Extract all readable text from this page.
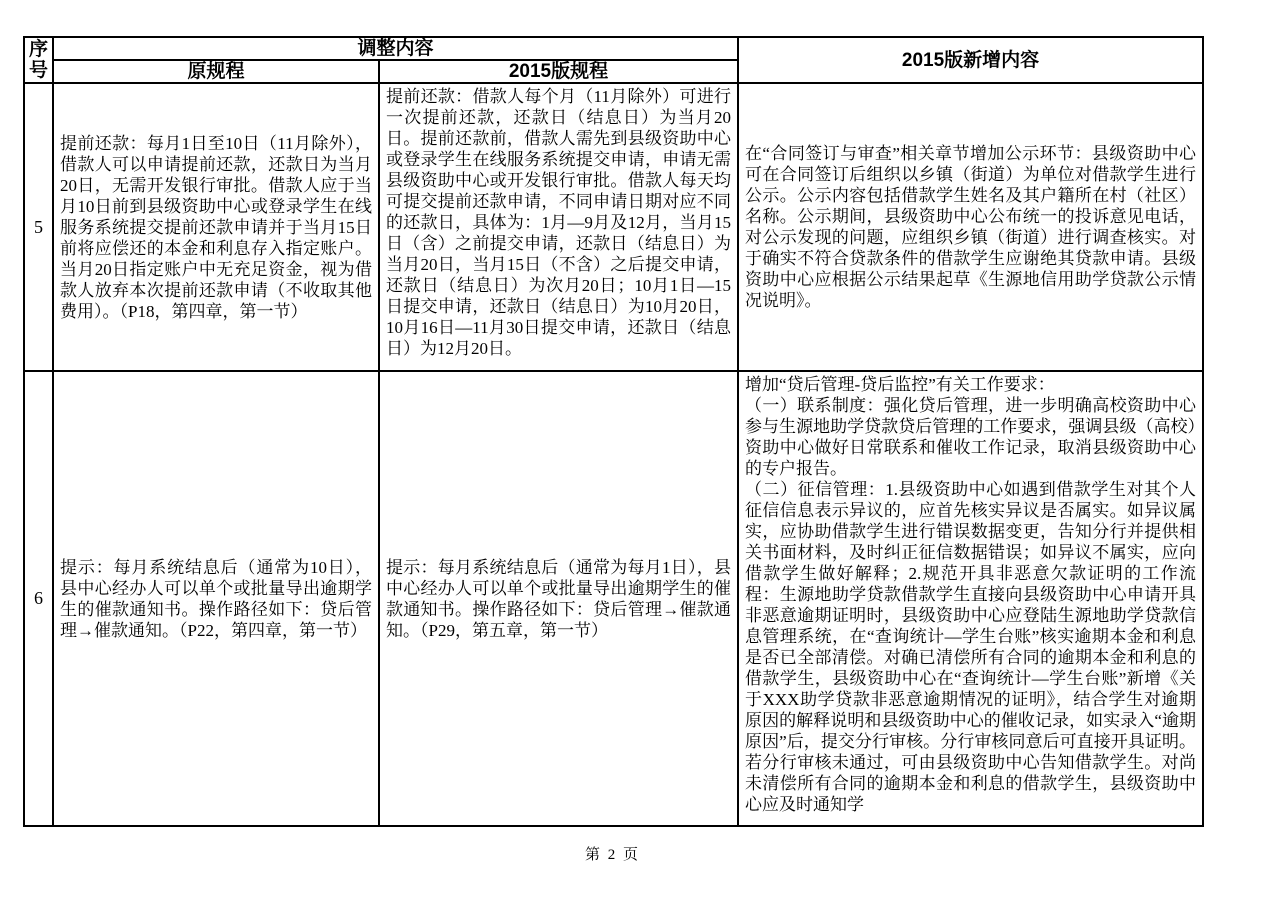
序号	调整内容		2015版新增内容
	原规程	2015版规程	
5	提前还款：每月1日至10日（11月除外），借款人可以申请提前还款，还款日为当月20日，无需开发银行审批。借款人应于当月10日前到县级资助中心或登录学生在线服务系统提交提前还款申请并于当月15日前将应偿还的本金和利息存入指定账户。当月20日指定账户中无充足资金，视为借款人放弃本次提前还款申请（不收取其他费用）。（P18，第四章，第一节）	提前还款：借款人每个月（11月除外）可进行一次提前还款，还款日（结息日）为当月20日。提前还款前，借款人需先到县级资助中心或登录学生在线服务系统提交申请，申请无需县级资助中心或开发银行审批。借款人每天均可提交提前还款申请，不同申请日期对应不同的还款日，具体为：1月—9月及12月，当月15日（含）之前提交申请，还款日（结息日）为当月20日，当月15日（不含）之后提交申请，还款日（结息日）为次月20日；10月1日—15日提交申请，还款日（结息日）为10月20日，10月16日—11月30日提交申请，还款日（结息日）为12月20日。	在“合同签订与审查”相关章节增加公示环节：县级资助中心可在合同签订后组织以乡镇（街道）为单位对借款学生进行公示。公示内容包括借款学生姓名及其户籍所在村（社区）名称。公示期间，县级资助中心公布统一的投诉意见电话，对公示发现的问题，应组织乡镇（街道）进行调查核实。对于确实不符合贷款条件的借款学生应谢绝其贷款申请。县级资助中心应根据公示结果起草《生源地信用助学贷款公示情况说明》。

6	提示：每月系统结息后（通常为10日），县中心经办人可以单个或批量导出逾期学生的催款通知书。操作路径如下：贷后管理→催款通知。（P22，第四章，第一节）	提示：每月系统结息后（通常为每月1日），县中心经办人可以单个或批量导出逾期学生的催款通知书。操作路径如下：贷后管理→催款通知。（P29，第五章，第一节）	增加“贷后管理-贷后监控”有关工作要求：
（一）联系制度：强化贷后管理，进一步明确高校资助中心参与生源地助学贷款贷后管理的工作要求，强调县级（高校）资助中心做好日常联系和催收工作记录，取消县级资助中心的专户报告。
（二）征信管理：1.县级资助中心如遇到借款学生对其个人征信信息表示异议的，应首先核实异议是否属实。如异议属实，应协助借款学生进行错误数据变更，告知分行并提供相关书面材料，及时纠正征信数据错误；如异议不属实，应向借款学生做好解释；2.规范开具非恶意欠款证明的工作流程：生源地助学贷款借款学生直接向县级资助中心申请开具非恶意逾期证明时，县级资助中心应登陆生源地助学贷款信息管理系统，在“查询统计—学生台账”核实逾期本金和利息是否已全部清偿。对确已清偿所有合同的逾期本金和利息的借款学生，县级资助中心在“查询统计—学生台账”新增《关于XXX助学贷款非恶意逾期情况的证明》，结合学生对逾期原因的解释说明和县级资助中心的催收记录，如实录入“逾期原因”后，提交分行审核。分行审核同意后可直接开具证明。若分行审核未通过，可由县级资助中心告知借款学生。对尚未清偿所有合同的逾期本金和利息的借款学生，县级资助中心应及时通知学
第 2 页
